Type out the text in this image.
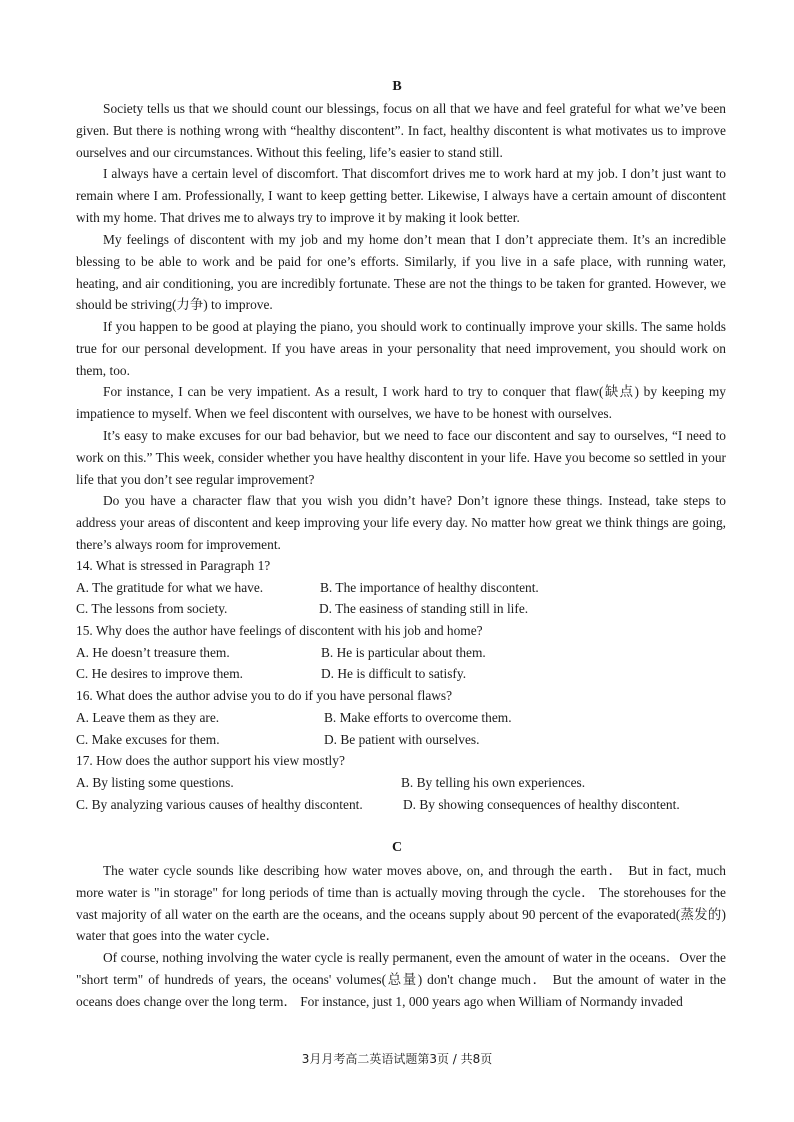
B

Society tells us that we should count our blessings, focus on all that we have and feel grateful for what we’ve been given. But there is nothing wrong with “healthy discontent”. In fact, healthy discontent is what motivates us to improve ourselves and our circumstances. Without this feeling, life’s easier to stand still.

I always have a certain level of discomfort. That discomfort drives me to work hard at my job. I don’t just want to remain where I am. Professionally, I want to keep getting better. Likewise, I always have a certain amount of discontent with my home. That drives me to always try to improve it by making it look better.

My feelings of discontent with my job and my home don’t mean that I don’t appreciate them. It’s an incredible blessing to be able to work and be paid for one’s efforts. Similarly, if you live in a safe place, with running water, heating, and air conditioning, you are incredibly fortunate. These are not the things to be taken for granted. However, we should be striving(力争) to improve.

If you happen to be good at playing the piano, you should work to continually improve your skills. The same holds true for our personal development. If you have areas in your personality that need improvement, you should work on them, too.

For instance, I can be very impatient. As a result, I work hard to try to conquer that flaw(缺点) by keeping my impatience to myself. When we feel discontent with ourselves, we have to be honest with ourselves.

It’s easy to make excuses for our bad behavior, but we need to face our discontent and say to ourselves, “I need to work on this.” This week, consider whether you have healthy discontent in your life. Have you become so settled in your life that you don’t see regular improvement?

Do you have a character flaw that you wish you didn’t have? Don’t ignore these things. Instead, take steps to address your areas of discontent and keep improving your life every day. No matter how great we think things are going, there’s always room for improvement.

14. What is stressed in Paragraph 1?
A. The gratitude for what we have.	B. The importance of healthy discontent.
C. The lessons from society.	D. The easiness of standing still in life.
15. Why does the author have feelings of discontent with his job and home?
A. He doesn’t treasure them.	B. He is particular about them.
C. He desires to improve them.	D. He is difficult to satisfy.
16. What does the author advise you to do if you have personal flaws?
A. Leave them as they are.	B. Make efforts to overcome them.
C. Make excuses for them.	D. Be patient with ourselves.
17. How does the author support his view mostly?
A. By listing some questions.	B. By telling his own experiences.
C. By analyzing various causes of healthy discontent.	D. By showing consequences of healthy discontent.
C

The water cycle sounds like describing how water moves above, on, and through the earth． But in fact, much more water is "in storage" for long periods of time than is actually moving through the cycle． The storehouses for the vast majority of all water on the earth are the oceans, and the oceans supply about 90 percent of the evaporated(蒸发的) water that goes into the water cycle．

Of course, nothing involving the water cycle is really permanent, even the amount of water in the oceans．Over the "short term" of hundreds of years, the oceans' volumes(总量) don't change much． But the amount of water in the oceans does change over the long term． For instance, just 1, 000 years ago when William of Normandy invaded

3月月考高二英语试题第3页 / 共8页
